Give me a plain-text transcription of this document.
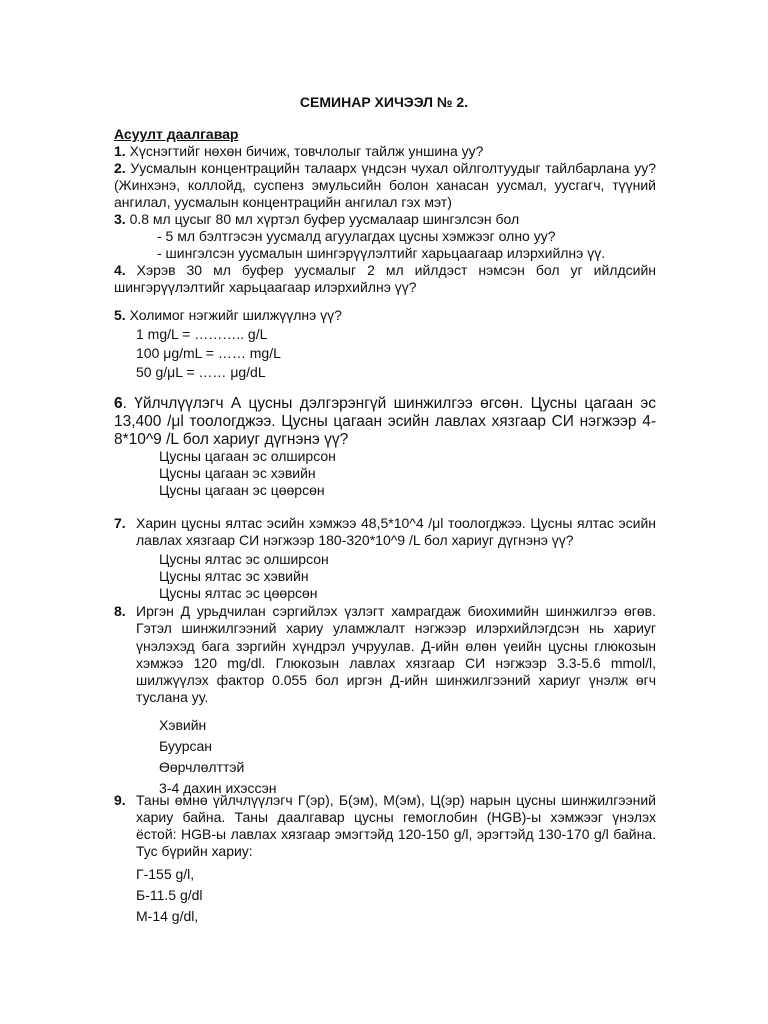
СЕМИНАР ХИЧЭЭЛ № 2.
Асуулт даалгавар
1. Хүснэгтийг нөхөн бичиж, товчлолыг тайлж уншина уу?
2. Уусмалын концентрацийн талаарх үндсэн чухал ойлголтуудыг тайлбарлана уу? (Жинхэнэ, коллойд, суспенз эмульсийн болон ханасан уусмал, уусгагч, түүний ангилал, уусмалын концентрацийн ангилал гэх мэт)
3. 0.8 мл цусыг 80 мл хүртэл буфер уусмалаар шингэлсэн бол
- 5 мл бэлтгэсэн уусмалд агуулагдах цусны хэмжээг олно уу?
- шингэлсэн уусмалын шингэрүүлэлтийг харьцаагаар илэрхийлнэ үү.
4. Хэрэв 30 мл буфер уусмалыг 2 мл ийлдэст нэмсэн бол уг ийлдсийн шингэрүүлэлтийг харьцаагаар илэрхийлнэ үү?
5. Холимог нэгжийг шилжүүлнэ үү?
1 mg/L = ……….. g/L
100 μg/mL = …… mg/L
50 g/μL = …… μg/dL
6. Үйлчлүүлэгч А цусны дэлгэрэнгүй шинжилгээ өгсөн. Цусны цагаан эс 13,400 /μl тоологджээ. Цусны цагаан эсийн лавлах хязгаар СИ нэгжээр 4-8*10^9 /L бол хариуг дүгнэнэ үү?
Цусны цагаан эс олширсон
Цусны цагаан эс хэвийн
Цусны цагаан эс цөөрсөн
7. Харин цусны ялтас эсийн хэмжээ 48,5*10^4 /μl тоологджээ. Цусны ялтас эсийн лавлах хязгаар СИ нэгжээр 180-320*10^9 /L бол хариуг дүгнэнэ үү?
Цусны ялтас эс олширсон
Цусны ялтас эс хэвийн
Цусны ялтас эс цөөрсөн
8. Иргэн Д урьдчилан сэргийлэх үзлэгт хамрагдаж биохимийн шинжилгээ өгөв. Гэтэл шинжилгээний хариу уламжлалт нэгжээр илэрхийлэгдсэн нь хариуг үнэлэхэд бага зэргийн хүндрэл учруулав. Д-ийн өлөн үеийн цусны глюкозын хэмжээ 120 mg/dl. Глюкозын лавлах хязгаар СИ нэгжээр 3.3-5.6 mmol/l, шилжүүлэх фактор 0.055 бол иргэн Д-ийн шинжилгээний хариуг үнэлж өгч туслана уу.
Хэвийн
Буурсан
Өөрчлөлттэй
3-4 дахин ихэссэн
9. Таны өмнө үйлчлүүлэгч Г(эр), Б(эм), М(эм), Ц(эр) нарын цусны шинжилгээний хариу байна. Таны даалгавар цусны гемоглобин (HGB)-ы хэмжээг үнэлэх ёстой: HGB-ы лавлах хязгаар эмэгтэйд 120-150 g/l, эрэгтэйд 130-170 g/l байна. Тус бүрийн хариу:
Г-155 g/l,
Б-11.5 g/dl
М-14 g/dl,
